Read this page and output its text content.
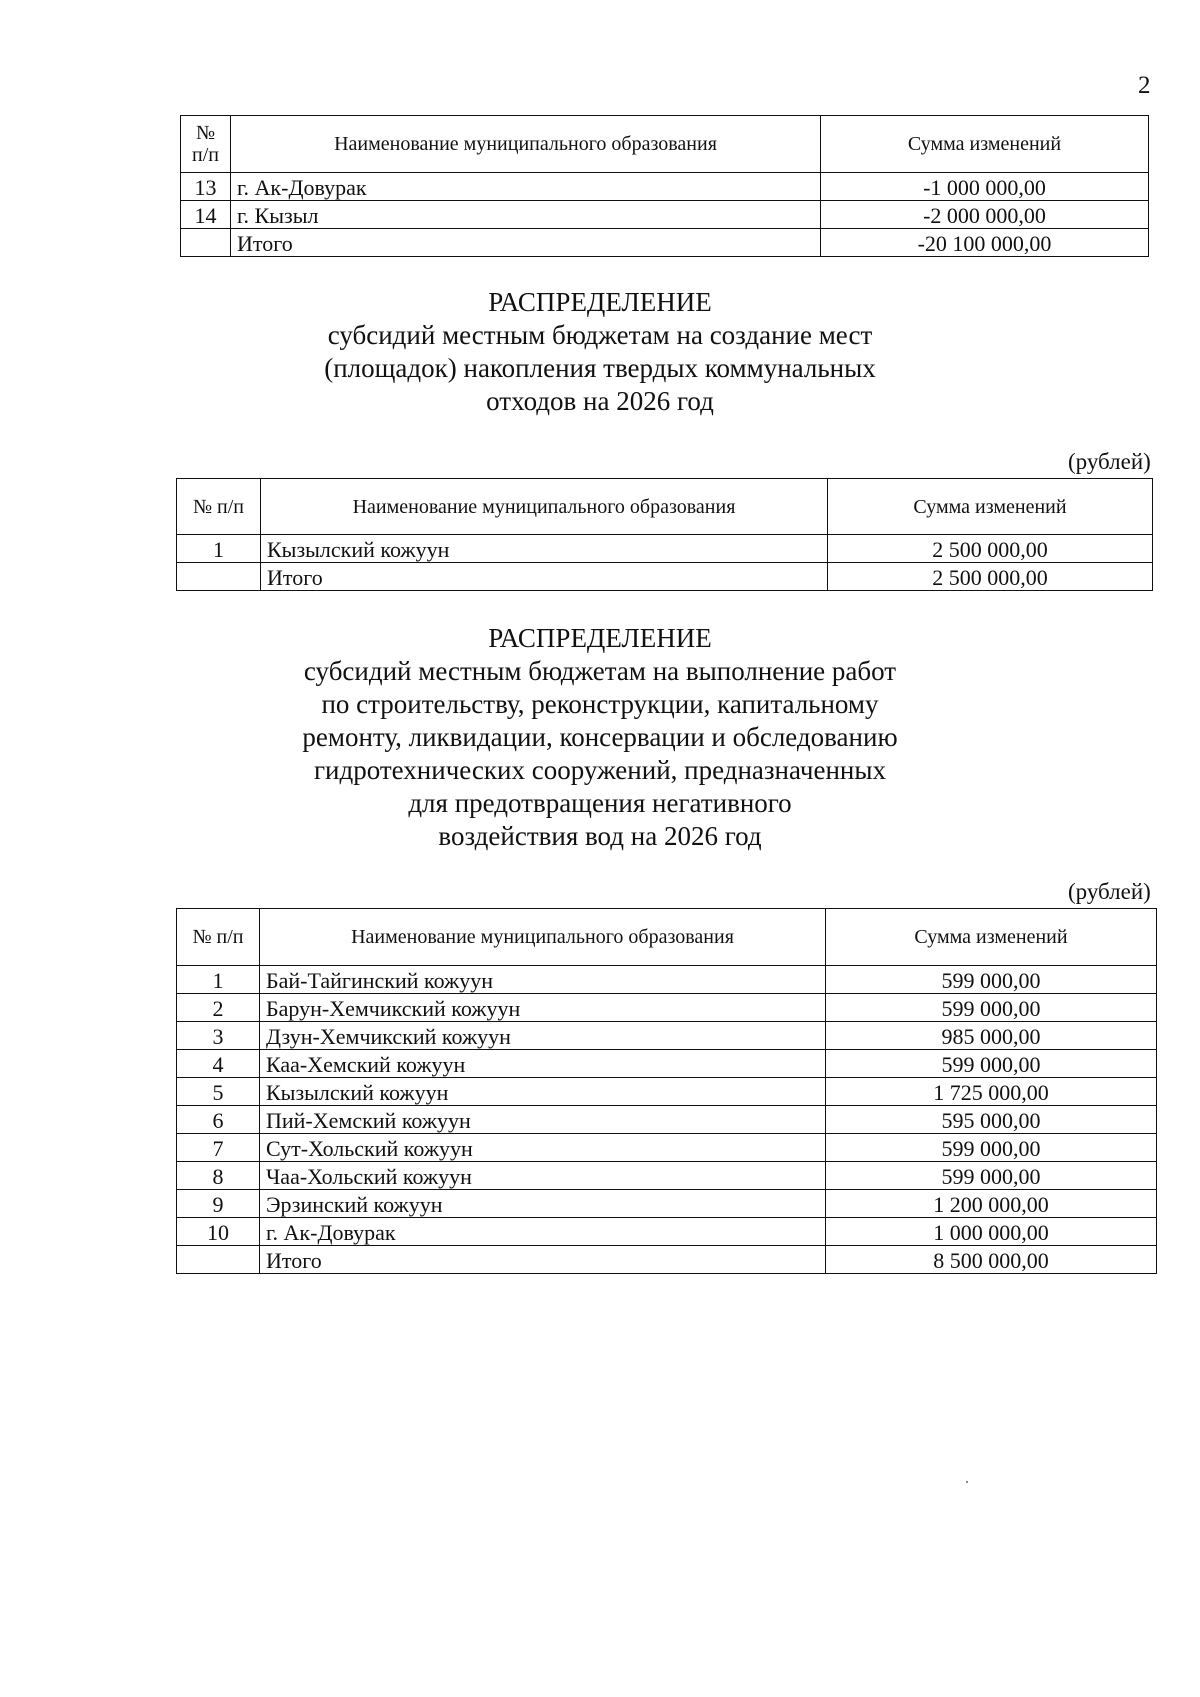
2
№ п/п	Наименование муниципального образования	Сумма изменений
13	г. Ак-Довурак	-1 000 000,00
14	г. Кызыл	-2 000 000,00
	Итого	-20 100 000,00
РАСПРЕДЕЛЕНИЕ
субсидий местным бюджетам на создание мест
(площадок) накопления твердых коммунальных
отходов на 2026 год
(рублей)
№ п/п	Наименование муниципального образования	Сумма изменений
1	Кызылский кожуун	2 500 000,00
	Итого	2 500 000,00
РАСПРЕДЕЛЕНИЕ
субсидий местным бюджетам на выполнение работ
по строительству, реконструкции, капитальному
ремонту, ликвидации, консервации и обследованию
гидротехнических сооружений, предназначенных
для предотвращения негативного
воздействия вод на 2026 год
(рублей)
№ п/п	Наименование муниципального образования	Сумма изменений
1	Бай-Тайгинский кожуун	599 000,00
2	Барун-Хемчикский кожуун	599 000,00
3	Дзун-Хемчикский кожуун	985 000,00
4	Каа-Хемский кожуун	599 000,00
5	Кызылский кожуун	1 725 000,00
6	Пий-Хемский кожуун	595 000,00
7	Сут-Хольский кожуун	599 000,00
8	Чаа-Хольский кожуун	599 000,00
9	Эрзинский кожуун	1 200 000,00
10	г. Ак-Довурак	1 000 000,00
	Итого	8 500 000,00
